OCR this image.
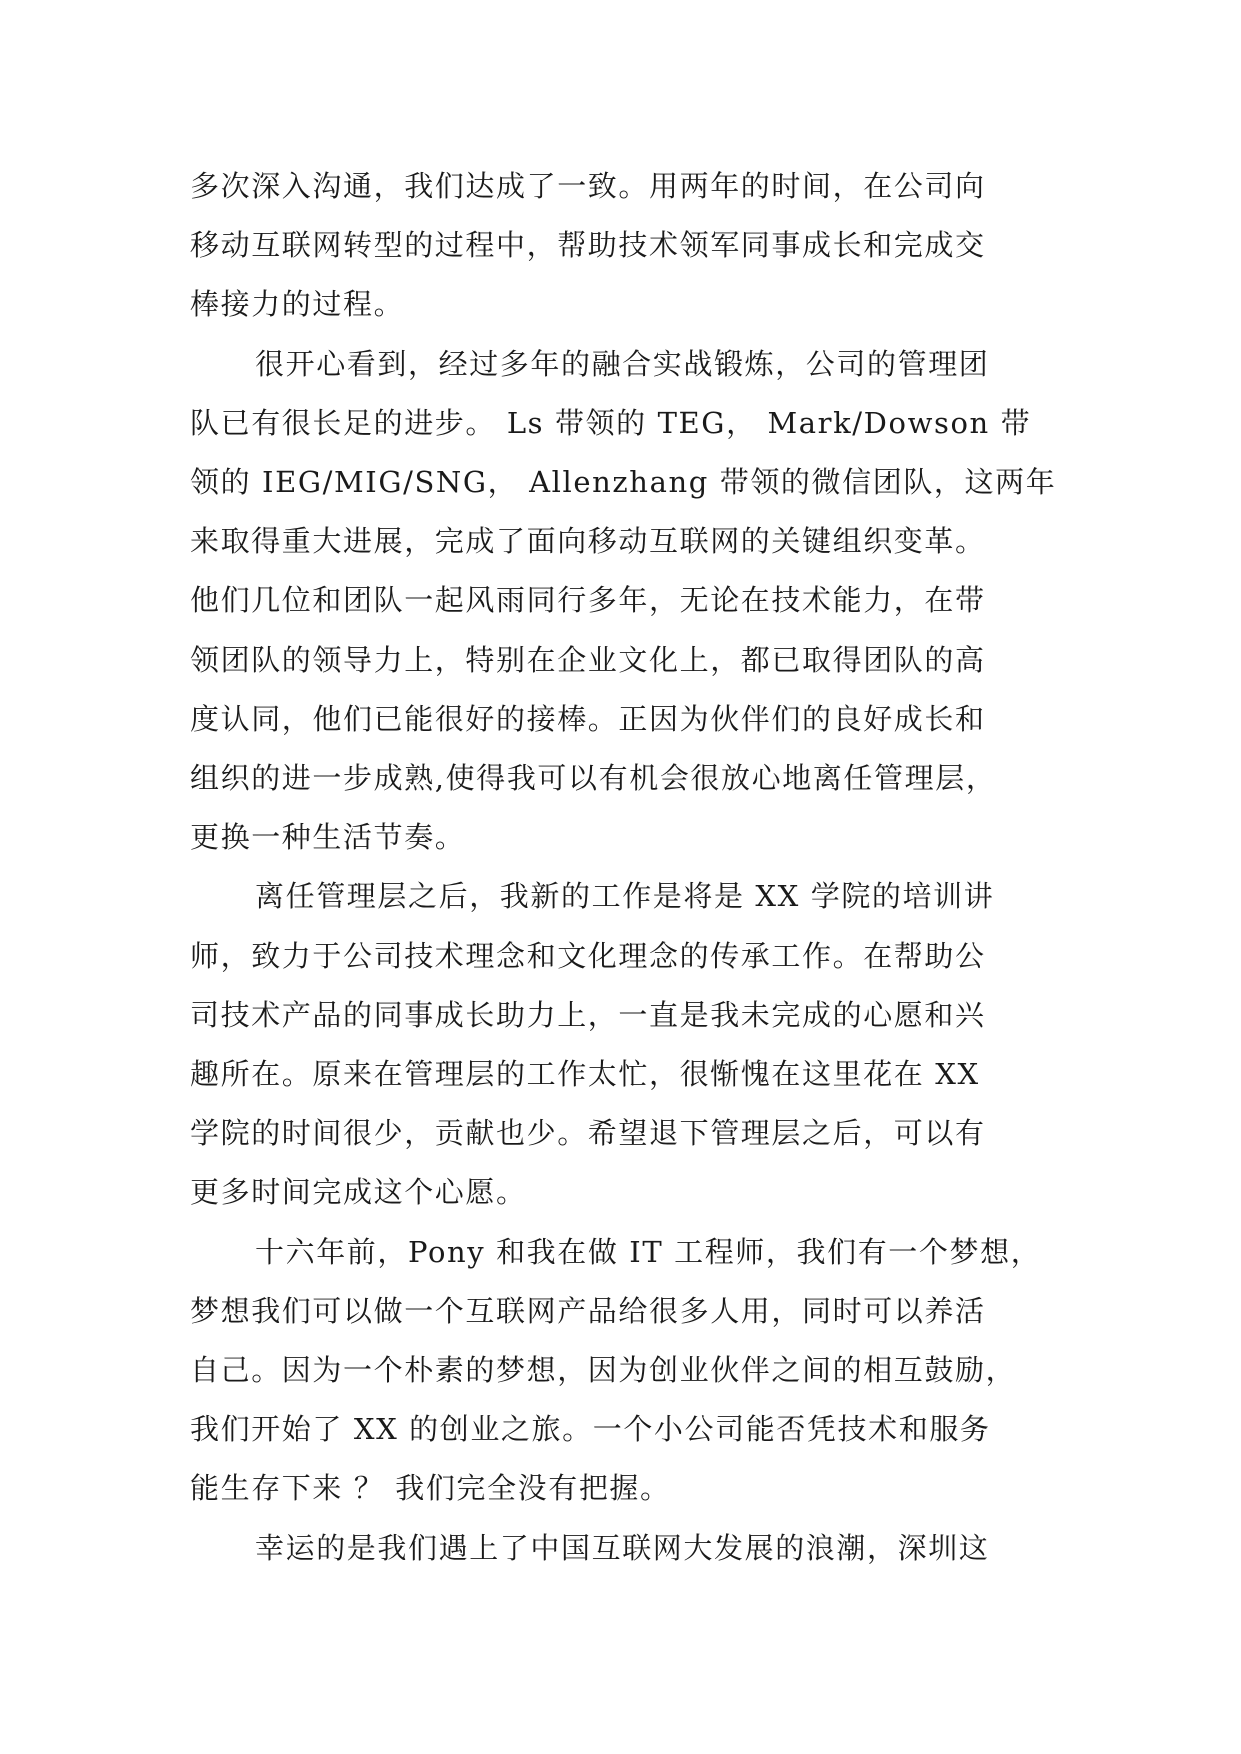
多次深入沟通，我们达成了一致。用两年的时间，在公司向
移动互联网转型的过程中，帮助技术领军同事成长和完成交
棒接力的过程。
很开心看到，经过多年的融合实战锻炼，公司的管理团
队已有很长足的进步。 Ls 带领的 TEG， Mark/Dowson 带
领的 IEG/MIG/SNG， Allenzhang 带领的微信团队，这两年
来取得重大进展，完成了面向移动互联网的关键组织变革。
他们几位和团队一起风雨同行多年，无论在技术能力，在带
领团队的领导力上，特别在企业文化上，都已取得团队的高
度认同，他们已能很好的接棒。正因为伙伴们的良好成长和
组织的进一步成熟,使得我可以有机会很放心地离任管理层，
更换一种生活节奏。
离任管理层之后，我新的工作是将是 XX 学院的培训讲
师，致力于公司技术理念和文化理念的传承工作。在帮助公
司技术产品的同事成长助力上，一直是我未完成的心愿和兴
趣所在。原来在管理层的工作太忙，很惭愧在这里花在 XX
学院的时间很少，贡献也少。希望退下管理层之后，可以有
更多时间完成这个心愿。
十六年前，Pony 和我在做 IT 工程师，我们有一个梦想，
梦想我们可以做一个互联网产品给很多人用，同时可以养活
自己。因为一个朴素的梦想，因为创业伙伴之间的相互鼓励，
我们开始了 XX 的创业之旅。一个小公司能否凭技术和服务
能生存下来 ？ 我们完全没有把握。
幸运的是我们遇上了中国互联网大发展的浪潮，深圳这
